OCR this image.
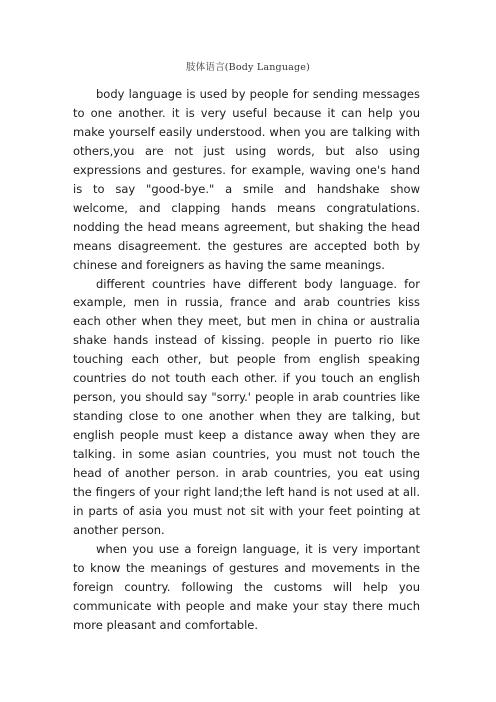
肢体语言(Body Language)

body language is used by people for sending messages to one another. it is very useful because it can help you make yourself easily understood. when you are talking with others,you are not just using words, but also using expressions and gestures. for example, waving one's hand is to say "good-bye." a smile and handshake show welcome, and clapping hands means congratulations. nodding the head means agreement, but shaking the head means disagreement. the gestures are accepted both by chinese and foreigners as having the same meanings.

different countries have different body language. for example, men in russia, france and arab countries kiss each other when they meet, but men in china or australia shake hands instead of kissing. people in puerto rio like touching each other, but people from english speaking countries do not touth each other. if you touch an english person, you should say "sorry.' people in arab countries like standing close to one another when they are talking, but english people must keep a distance away when they are talking. in some asian countries, you must not touch the head of another person. in arab countries, you eat using the fingers of your right land;the left hand is not used at all. in parts of asia you must not sit with your feet pointing at another person.

when you use a foreign language, it is very important to know the meanings of gestures and movements in the foreign country. following the customs will help you communicate with people and make your stay there much more pleasant and comfortable.
